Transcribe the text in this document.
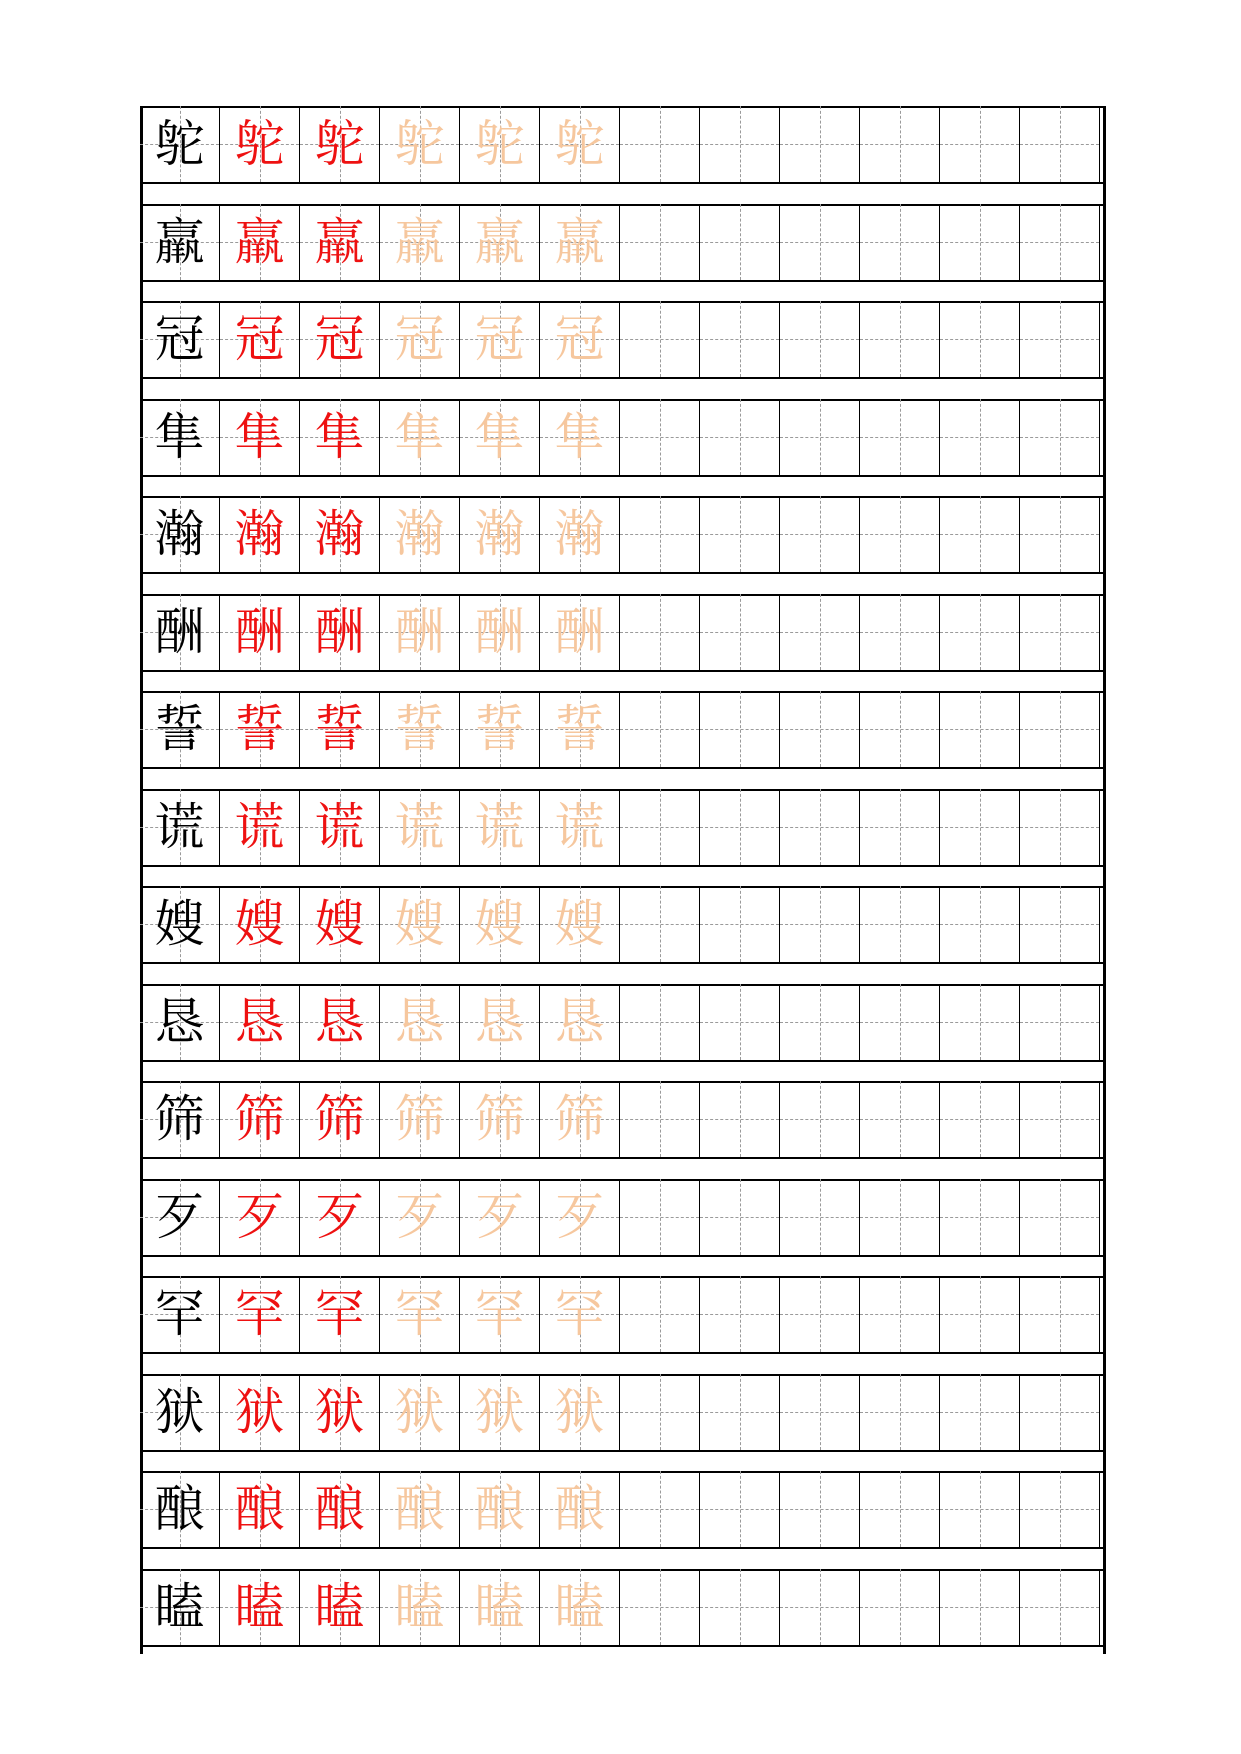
鸵 鸵 鸵 鸵 鸵 鸵
羸 羸 羸 羸 羸 羸
冠 冠 冠 冠 冠 冠
隼 隼 隼 隼 隼 隼
瀚 瀚 瀚 瀚 瀚 瀚
酬 酬 酬 酬 酬 酬
誓 誓 誓 誓 誓 誓
谎 谎 谎 谎 谎 谎
嫂 嫂 嫂 嫂 嫂 嫂
恳 恳 恳 恳 恳 恳
筛 筛 筛 筛 筛 筛
歹 歹 歹 歹 歹 歹
罕 罕 罕 罕 罕 罕
狱 狱 狱 狱 狱 狱
酿 酿 酿 酿 酿 酿
瞌 瞌 瞌 瞌 瞌 瞌
